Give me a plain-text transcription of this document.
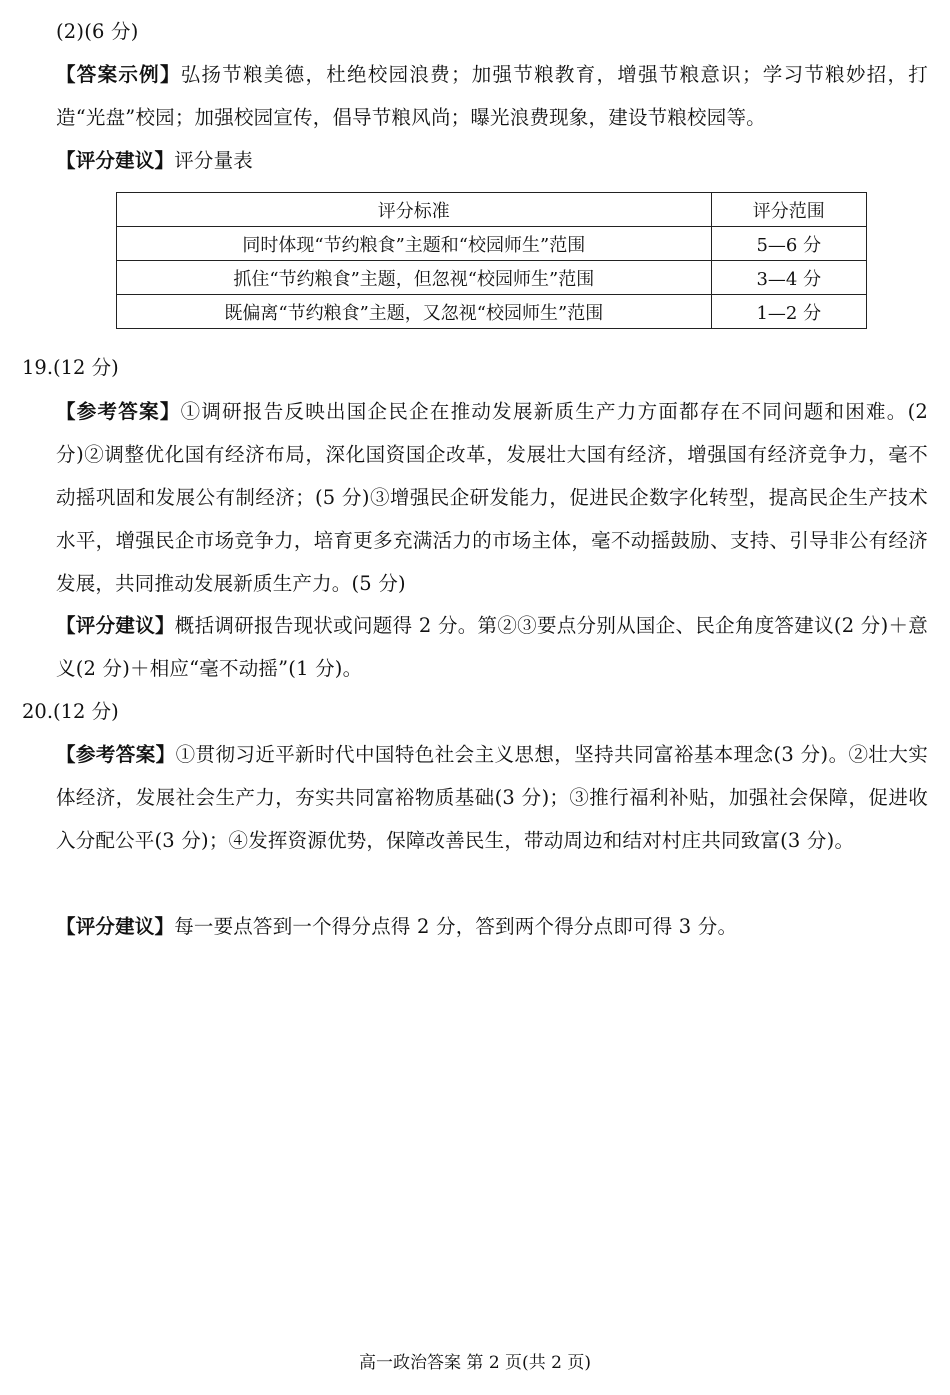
(2)(6 分)
【答案示例】弘扬节粮美德，杜绝校园浪费；加强节粮教育，增强节粮意识；学习节粮妙招，打造“光盘”校园；加强校园宣传，倡导节粮风尚；曝光浪费现象，建设节粮校园等。
【评分建议】评分量表
评分标准	评分范围
同时体现“节约粮食”主题和“校园师生”范围	5—6 分
抓住“节约粮食”主题，但忽视“校园师生”范围	3—4 分
既偏离“节约粮食”主题，又忽视“校园师生”范围	1—2 分
19.(12 分)
【参考答案】①调研报告反映出国企民企在推动发展新质生产力方面都存在不同问题和困难。(2 分)②调整优化国有经济布局，深化国资国企改革，发展壮大国有经济，增强国有经济竞争力，毫不动摇巩固和发展公有制经济；(5 分)③增强民企研发能力，促进民企数字化转型，提高民企生产技术水平，增强民企市场竞争力，培育更多充满活力的市场主体，毫不动摇鼓励、支持、引导非公有经济发展，共同推动发展新质生产力。(5 分)
【评分建议】概括调研报告现状或问题得 2 分。第②③要点分别从国企、民企角度答建议(2 分)＋意义(2 分)＋相应“毫不动摇”(1 分)。
20.(12 分)
【参考答案】①贯彻习近平新时代中国特色社会主义思想，坚持共同富裕基本理念(3 分)。②壮大实体经济，发展社会生产力，夯实共同富裕物质基础(3 分)；③推行福利补贴，加强社会保障，促进收入分配公平(3 分)；④发挥资源优势，保障改善民生，带动周边和结对村庄共同致富(3 分)。
【评分建议】每一要点答到一个得分点得 2 分，答到两个得分点即可得 3 分。
高一政治答案 第 2 页(共 2 页)
